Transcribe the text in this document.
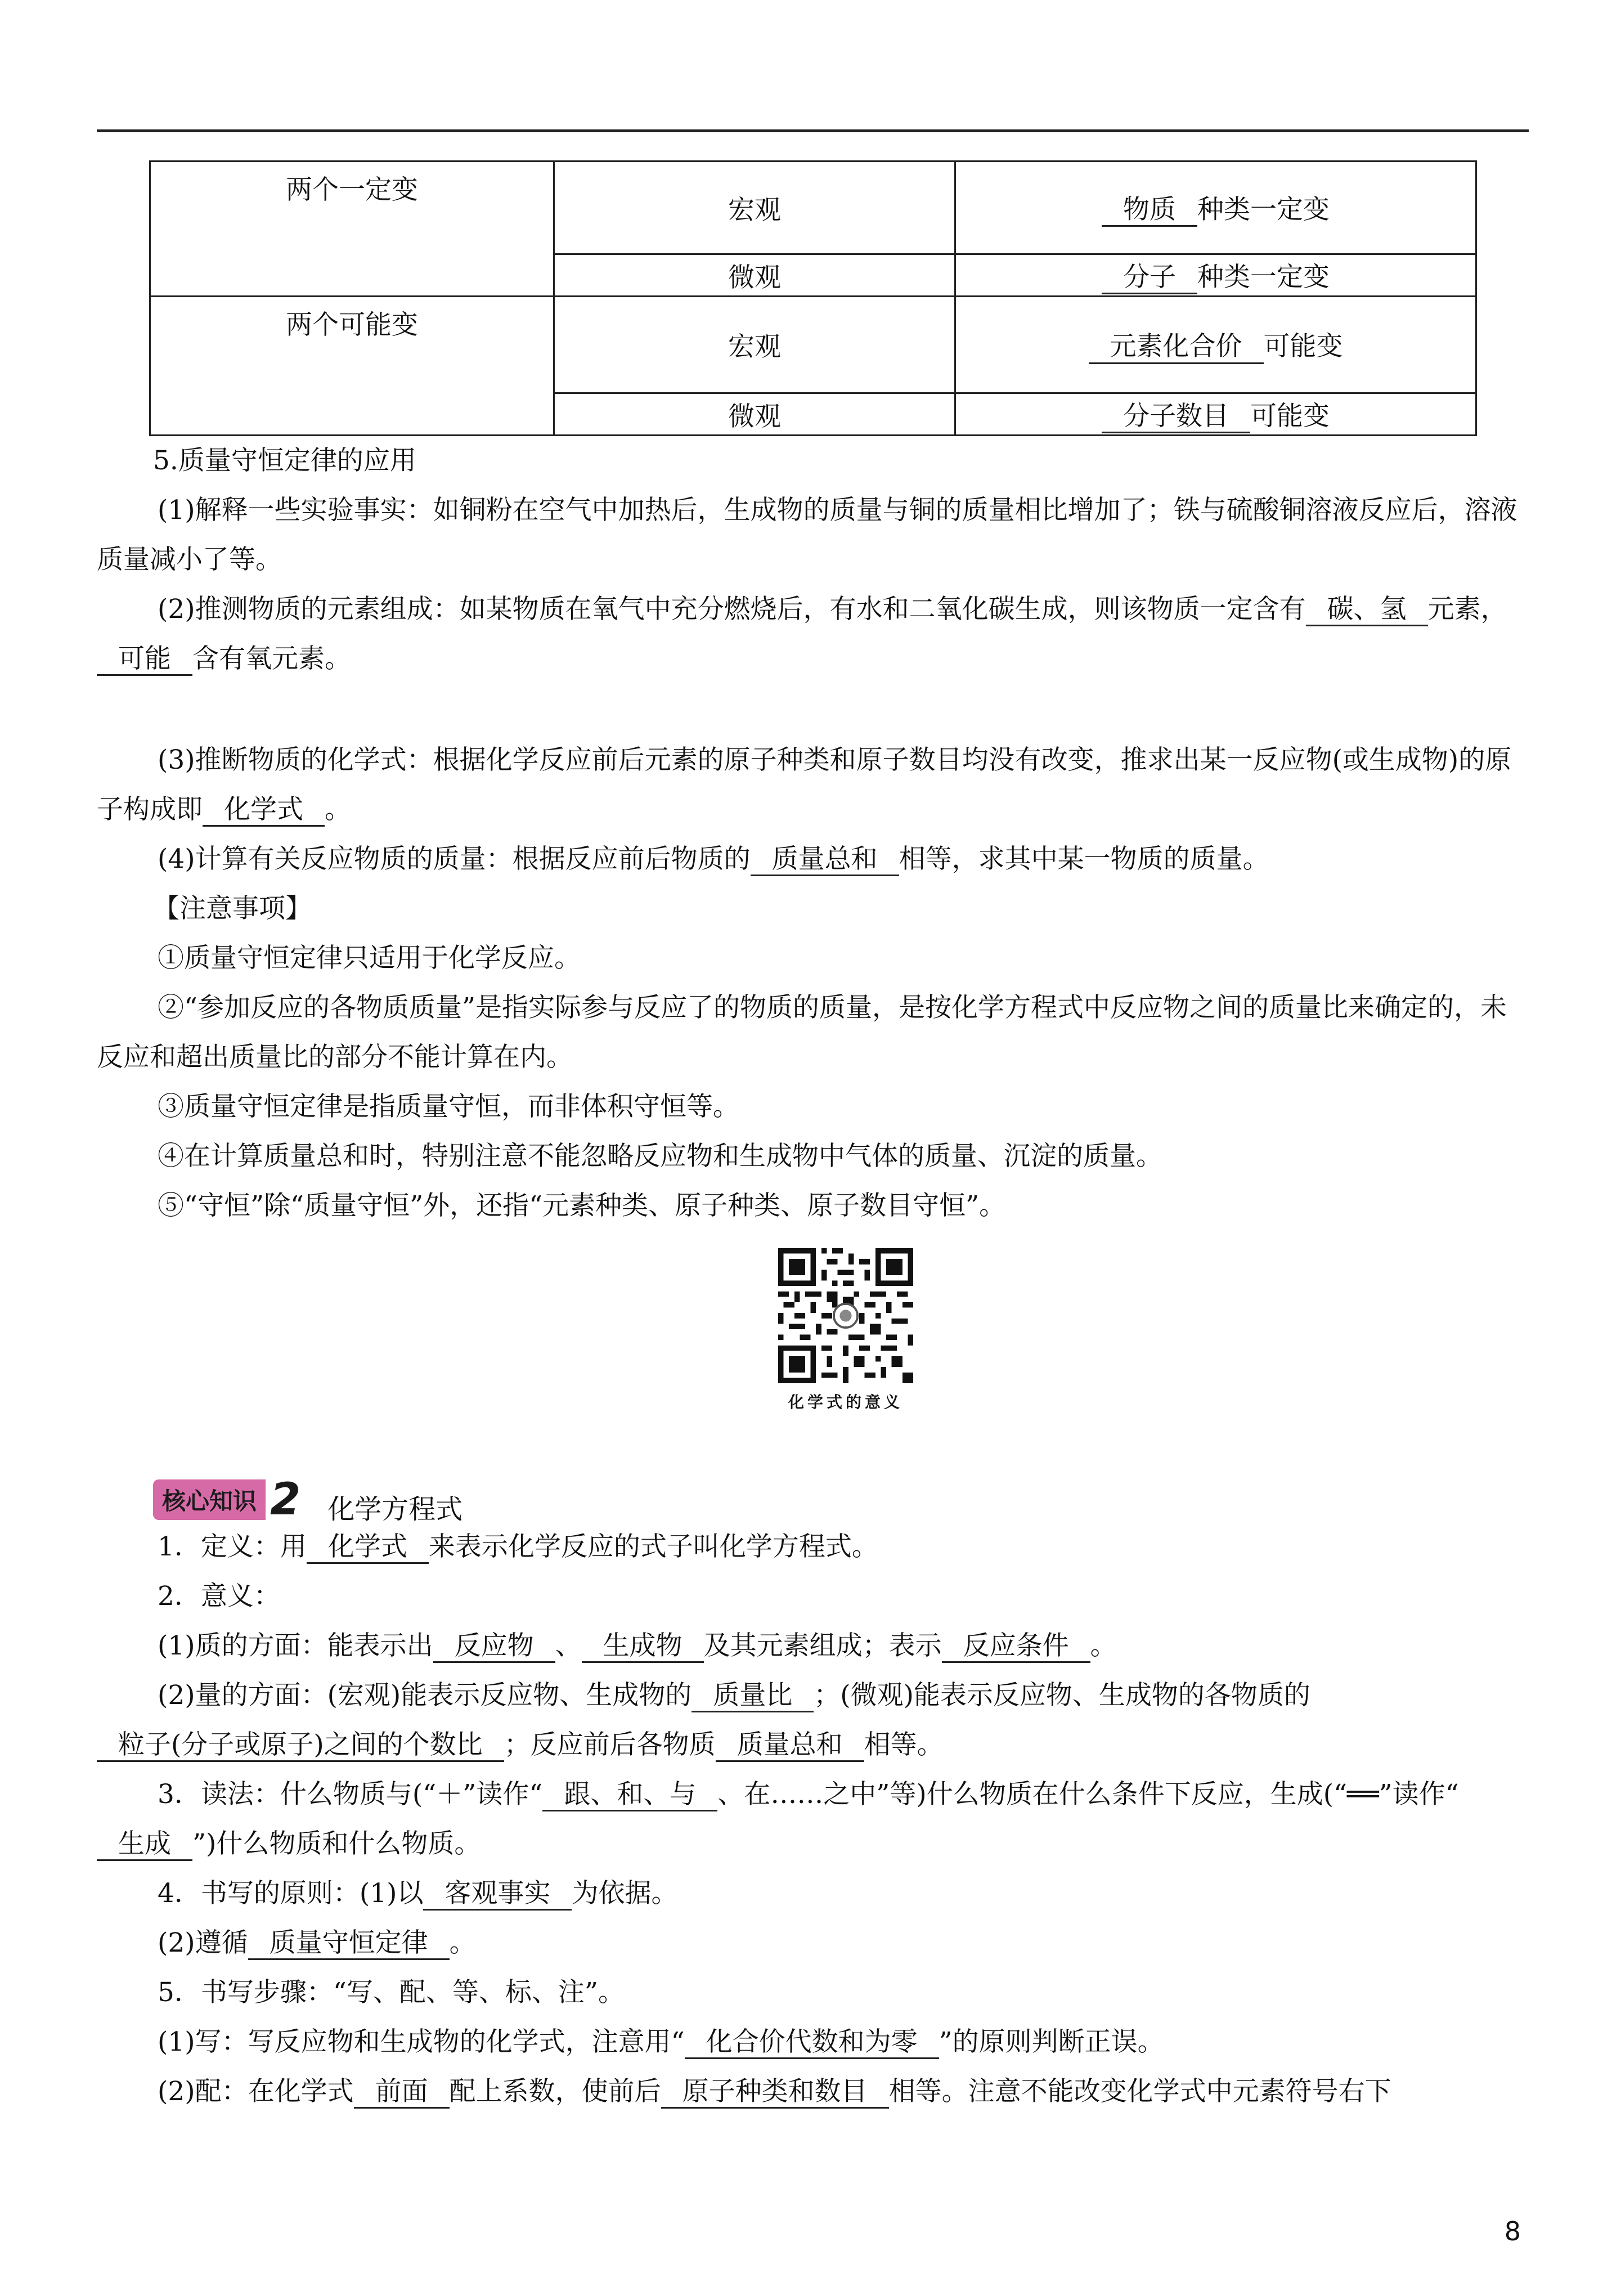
两个一定变	宏观	物质 种类一定变
	微观	分子 种类一定变
两个可能变	宏观	元素化合价 可能变
	微观	分子数目 可能变

5.质量守恒定律的应用

(1)解释一些实验事实：如铜粉在空气中加热后，生成物的质量与铜的质量相比增加了；铁与硫酸铜溶液反应后，溶液质量减小了等。

(2)推测物质的元素组成：如某物质在氧气中充分燃烧后，有水和二氧化碳生成，则该物质一定含有 碳、氢 元素，可能 含有氧元素。

(3)推断物质的化学式：根据化学反应前后元素的原子种类和原子数目均没有改变，推求出某一反应物(或生成物)的原子构成即 化学式 。

(4)计算有关反应物质的质量：根据反应前后物质的 质量总和 相等，求其中某一物质的质量。

【注意事项】

①质量守恒定律只适用于化学反应。

②“参加反应的各物质质量”是指实际参与反应了的物质的质量，是按化学方程式中反应物之间的质量比来确定的，未反应和超出质量比的部分不能计算在内。

③质量守恒定律是指质量守恒，而非体积守恒等。

④在计算质量总和时，特别注意不能忽略反应物和生成物中气体的质量、沉淀的质量。

⑤“守恒”除“质量守恒”外，还指“元素种类、原子种类、原子数目守恒”。

化学式的意义
核心知识 2 化学方程式

1．定义：用 化学式 来表示化学反应的式子叫化学方程式。

2．意义：

(1)质的方面：能表示出 反应物 、 生成物 及其元素组成；表示 反应条件 。

(2)量的方面：(宏观)能表示反应物、生成物的 质量比 ；(微观)能表示反应物、生成物的各物质的粒子(分子或原子)之间的个数比 ；反应前后各物质 质量总和 相等。

3．读法：什么物质与(“＋”读作“ 跟、和、与 、在……之中”等)什么物质在什么条件下反应，生成(“══”读作“生成 ”)什么物质和什么物质。

4．书写的原则：(1)以 客观事实 为依据。

(2)遵循 质量守恒定律 。

5．书写步骤：“写、配、等、标、注”。

(1)写：写反应物和生成物的化学式，注意用“ 化合价代数和为零 ”的原则判断正误。

(2)配：在化学式 前面 配上系数，使前后 原子种类和数目 相等。注意不能改变化学式中元素符号右下

8
